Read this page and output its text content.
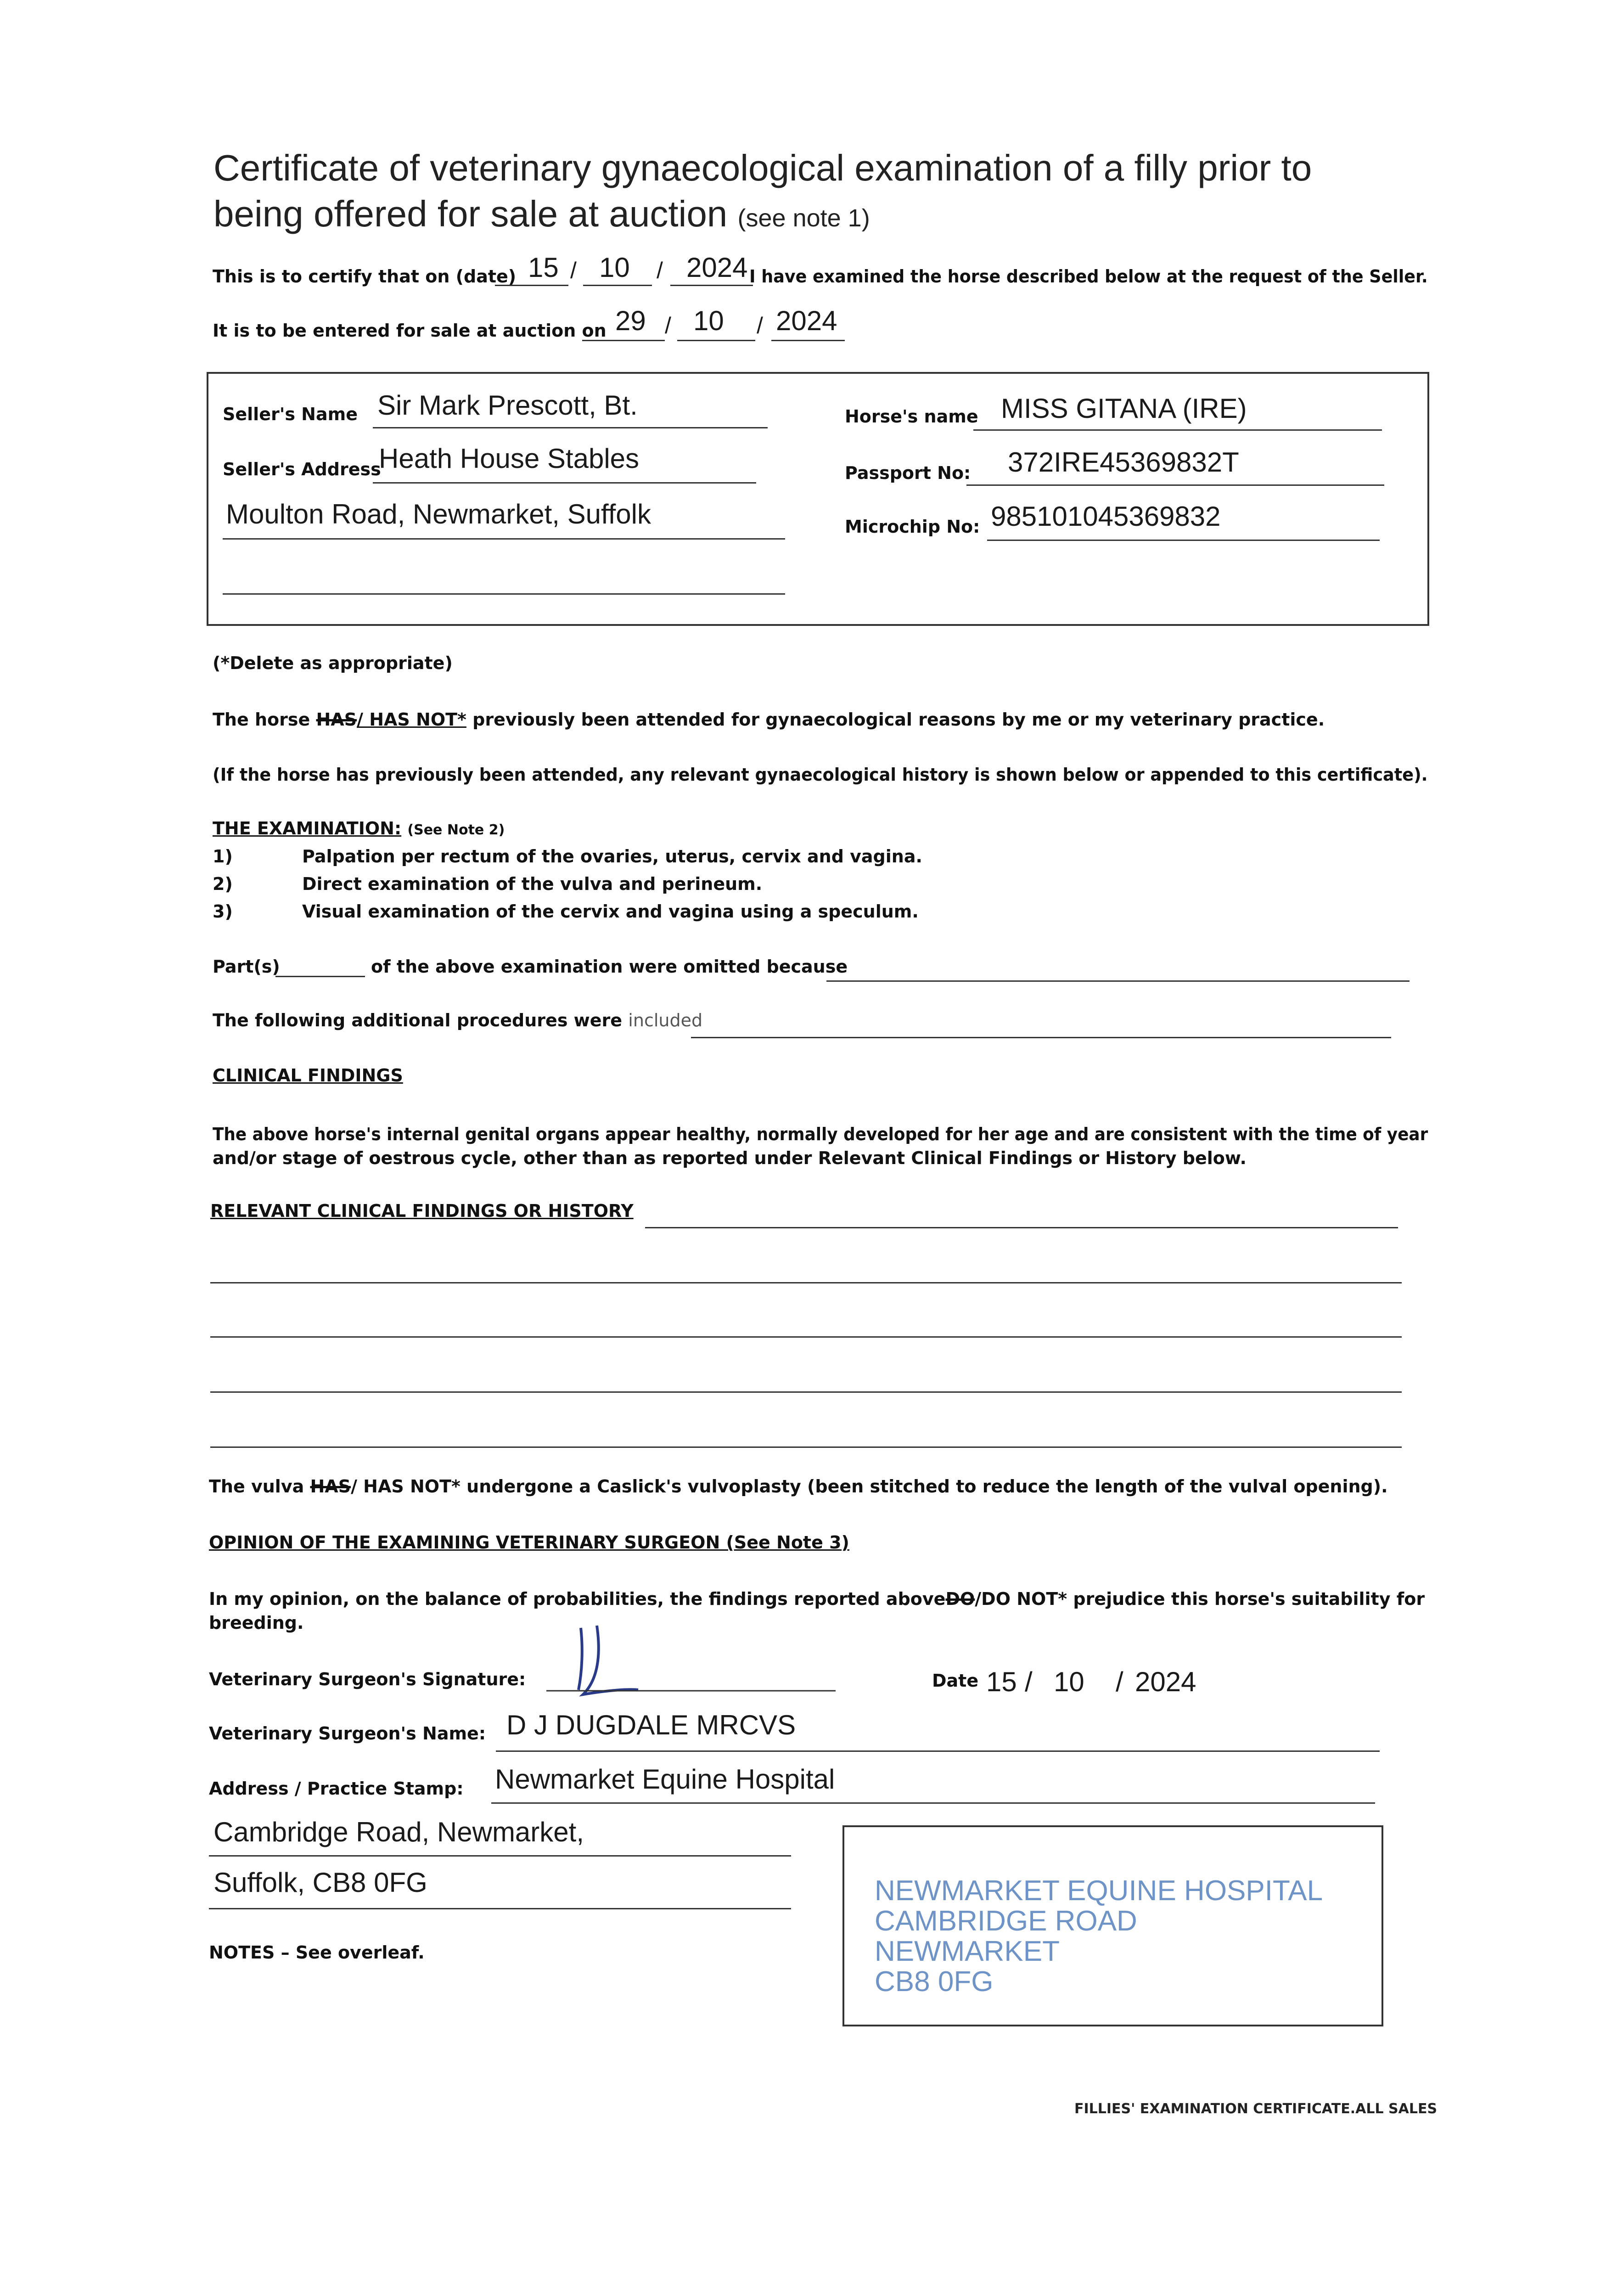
Certificate of veterinary gynaecological examination of a filly prior to
being offered for sale at auction (see note 1)
This is to certify that on (date) 15 / 10 / 2024 I have examined the horse described below at the request of the Seller.
It is to be entered for sale at auction on 29 / 10 / 2024
Seller's Name Sir Mark Prescott, Bt.
Seller's Address
Heath House Stables
Moulton Road, Newmarket, Suffolk
Horse's name MISS GITANA (IRE)
Passport No: 372IRE45369832T
Microchip No: 985101045369832
(*Delete as appropriate)
The horse HAS/ HAS NOT* previously been attended for gynaecological reasons by me or my veterinary practice.
(If the horse has previously been attended, any relevant gynaecological history is shown below or appended to this certificate).
THE EXAMINATION: (See Note 2)
1)	Palpation per rectum of the ovaries, uterus, cervix and vagina.
2)	Direct examination of the vulva and perineum.
3)	Visual examination of the cervix and vagina using a speculum.
Part(s)	of the above examination were omitted because
The following additional procedures were included
CLINICAL FINDINGS
The above horse's internal genital organs appear healthy, normally developed for her age and are consistent with the time of year
and/or stage of oestrous cycle, other than as reported under Relevant Clinical Findings or History below.
RELEVANT CLINICAL FINDINGS OR HISTORY
The vulva HAS/ HAS NOT* undergone a Caslick's vulvoplasty (been stitched to reduce the length of the vulval opening).
OPINION OF THE EXAMINING VETERINARY SURGEON (See Note 3)
In my opinion, on the balance of probabilities, the findings reported aboveDO/DO NOT* prejudice this horse's suitability for
breeding.
Veterinary Surgeon's Signature:	Date 15 / 10 / 2024
Veterinary Surgeon's Name: D J DUGDALE MRCVS
Address / Practice Stamp: Newmarket Equine Hospital
Cambridge Road, Newmarket,
Suffolk, CB8 0FG	NEWMARKET EQUINE HOSPITAL
CAMBRIDGE ROAD
NEWMARKET
CB8 0FG
NOTES – See overleaf.
FILLIES' EXAMINATION CERTIFICATE.ALL SALES
